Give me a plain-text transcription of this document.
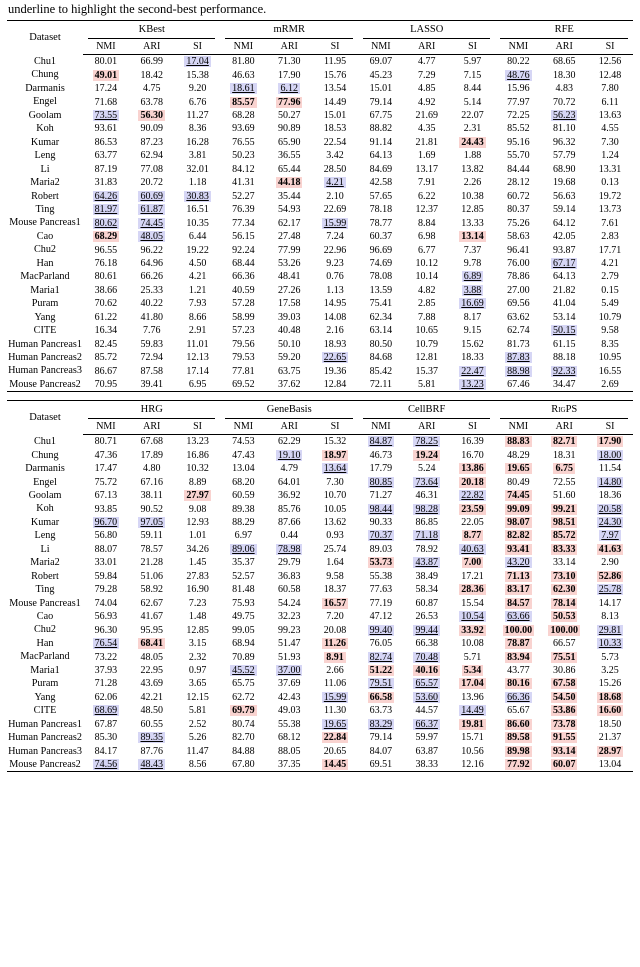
underline to highlight the second-best performance.
Dataset	KBest			mRMR			LASSO			RFE		

	NMI	ARI	SI	NMI	ARI	SI	NMI	ARI	SI	NMI	ARI	SI
Chu1	80.01	66.99	17.04	81.80	71.30	11.95	69.07	4.77	5.97	80.22	68.65	12.56
Chung	49.01	18.42	15.38	46.63	17.90	15.76	45.23	7.29	7.15	48.76	18.30	12.48
Darmanis	17.24	4.75	9.20	18.61	6.12	13.54	15.01	4.85	8.44	15.96	4.83	7.80
Engel	71.68	63.78	6.76	85.57	77.96	14.49	79.14	4.92	5.14	77.97	70.72	6.11
Goolam	73.55	56.30	11.27	68.28	50.27	15.01	67.75	21.69	22.07	72.25	56.23	13.63
Koh	93.61	90.09	8.36	93.69	90.89	18.53	88.82	4.35	2.31	85.52	81.10	4.55
Kumar	86.53	87.23	16.28	76.55	65.90	22.54	91.14	21.81	24.43	95.16	96.32	7.30
Leng	63.77	62.94	3.81	50.23	36.55	3.42	64.13	1.69	1.88	55.70	57.79	1.24
Li	87.19	77.08	32.01	84.12	65.44	28.50	84.69	13.17	13.82	84.44	68.90	13.31
Maria2	31.83	20.72	1.18	41.31	44.18	4.21	42.58	7.91	2.26	28.12	19.68	0.13
Robert	64.26	60.69	30.83	52.27	35.44	2.10	57.65	6.22	10.38	60.72	56.63	19.72
Ting	81.97	61.87	16.51	76.39	54.93	22.69	78.18	12.37	12.85	80.37	59.14	13.73
Mouse Pancreas1	80.62	74.45	10.35	77.34	62.17	15.99	78.77	8.84	13.33	75.26	64.12	7.61
Cao	68.29	48.05	6.44	56.15	27.48	7.24	60.37	6.98	13.14	58.63	42.05	2.83
Chu2	96.55	96.22	19.22	92.24	77.99	22.96	96.69	6.77	7.37	96.41	93.87	17.71
Han	76.18	64.96	4.50	68.44	53.26	9.23	74.69	10.12	9.78	76.00	67.17	4.21
MacParland	80.61	66.26	4.21	66.36	48.41	0.76	78.08	10.14	6.89	78.86	64.13	2.79
Maria1	38.66	25.33	1.21	40.59	27.26	1.13	13.59	4.82	3.88	27.00	21.82	0.15
Puram	70.62	40.22	7.93	57.28	17.58	14.95	75.41	2.85	16.69	69.56	41.04	5.49
Yang	61.22	41.80	8.66	58.99	39.03	14.08	62.34	7.88	8.17	63.62	53.14	10.79
CITE	16.34	7.76	2.91	57.23	40.48	2.16	63.14	10.65	9.15	62.74	50.15	9.58
Human Pancreas1	82.45	59.83	11.01	79.56	50.10	18.93	80.50	10.79	15.62	81.73	61.15	8.35
Human Pancreas2	85.72	72.94	12.13	79.53	59.20	22.65	84.68	12.81	18.33	87.83	88.18	10.95
Human Pancreas3	86.67	87.58	17.14	77.81	63.75	19.36	85.42	15.37	22.47	88.98	92.33	16.55
Mouse Pancreas2	70.95	39.41	6.95	69.52	37.62	12.84	72.11	5.81	13.23	67.46	34.47	2.69
Dataset	HRG			GeneBasis			CellBRF			RigPS		

	NMI	ARI	SI	NMI	ARI	SI	NMI	ARI	SI	NMI	ARI	SI
Chu1	80.71	67.68	13.23	74.53	62.29	15.32	84.87	78.25	16.39	88.83	82.71	17.90
Chung	47.36	17.89	16.86	47.43	19.10	18.97	46.73	19.24	16.70	48.29	18.31	18.00
Darmanis	17.47	4.80	10.32	13.04	4.79	13.64	17.79	5.24	13.86	19.65	6.75	11.54
Engel	75.72	67.16	8.89	68.20	64.01	7.30	80.85	73.64	20.18	80.49	72.55	14.80
Goolam	67.13	38.11	27.97	60.59	36.92	10.70	71.27	46.31	22.82	74.45	51.60	18.36
Koh	93.85	90.52	9.08	89.38	85.76	10.05	98.44	98.28	23.59	99.09	99.21	20.58
Kumar	96.70	97.05	12.93	88.29	87.66	13.62	90.33	86.85	22.05	98.07	98.51	24.30
Leng	56.80	59.11	1.01	6.97	0.44	0.93	70.37	71.18	8.77	82.82	85.72	7.97
Li	88.07	78.57	34.26	89.06	78.98	25.74	89.03	78.92	40.63	93.41	83.33	41.63
Maria2	33.01	21.28	1.45	35.37	29.79	1.64	53.73	43.87	7.00	43.20	33.14	2.90
Robert	59.84	51.06	27.83	52.57	36.83	9.58	55.38	38.49	17.21	71.13	73.10	52.86
Ting	79.28	58.92	16.90	81.48	60.58	18.37	77.63	58.34	28.36	83.17	62.30	25.78
Mouse Pancreas1	74.04	62.67	7.23	75.93	54.24	16.57	77.19	60.87	15.54	84.57	78.14	14.17
Cao	56.93	41.67	1.48	49.75	32.23	7.20	47.12	26.53	10.54	63.66	50.53	8.13
Chu2	96.30	95.95	12.85	99.05	99.23	20.08	99.40	99.44	33.92	100.00	100.00	29.81
Han	76.54	68.41	3.15	68.94	51.47	11.26	76.05	66.38	10.08	78.87	66.57	10.33
MacParland	73.22	48.05	2.32	70.89	51.93	8.91	82.74	70.48	5.71	83.94	75.51	5.73
Maria1	37.93	22.95	0.97	45.52	37.00	2.66	51.22	40.16	5.34	43.77	30.86	3.25
Puram	71.28	43.69	3.65	65.75	37.69	11.06	79.51	65.57	17.04	80.16	67.58	15.26
Yang	62.06	42.21	12.15	62.72	42.43	15.99	66.58	53.60	13.96	66.36	54.50	18.68
CITE	68.69	48.50	5.81	69.79	49.03	11.30	63.73	44.57	14.49	65.67	53.86	16.60
Human Pancreas1	67.87	60.55	2.52	80.74	55.38	19.65	83.29	66.37	19.81	86.60	73.78	18.50
Human Pancreas2	85.30	89.35	5.26	82.70	68.12	22.84	79.14	59.97	15.71	89.58	91.55	21.37
Human Pancreas3	84.17	87.76	11.47	84.88	88.05	20.65	84.07	63.87	10.56	89.98	93.14	28.97
Mouse Pancreas2	74.56	48.43	8.56	67.80	37.35	14.45	69.51	38.33	12.16	77.92	60.07	13.04
